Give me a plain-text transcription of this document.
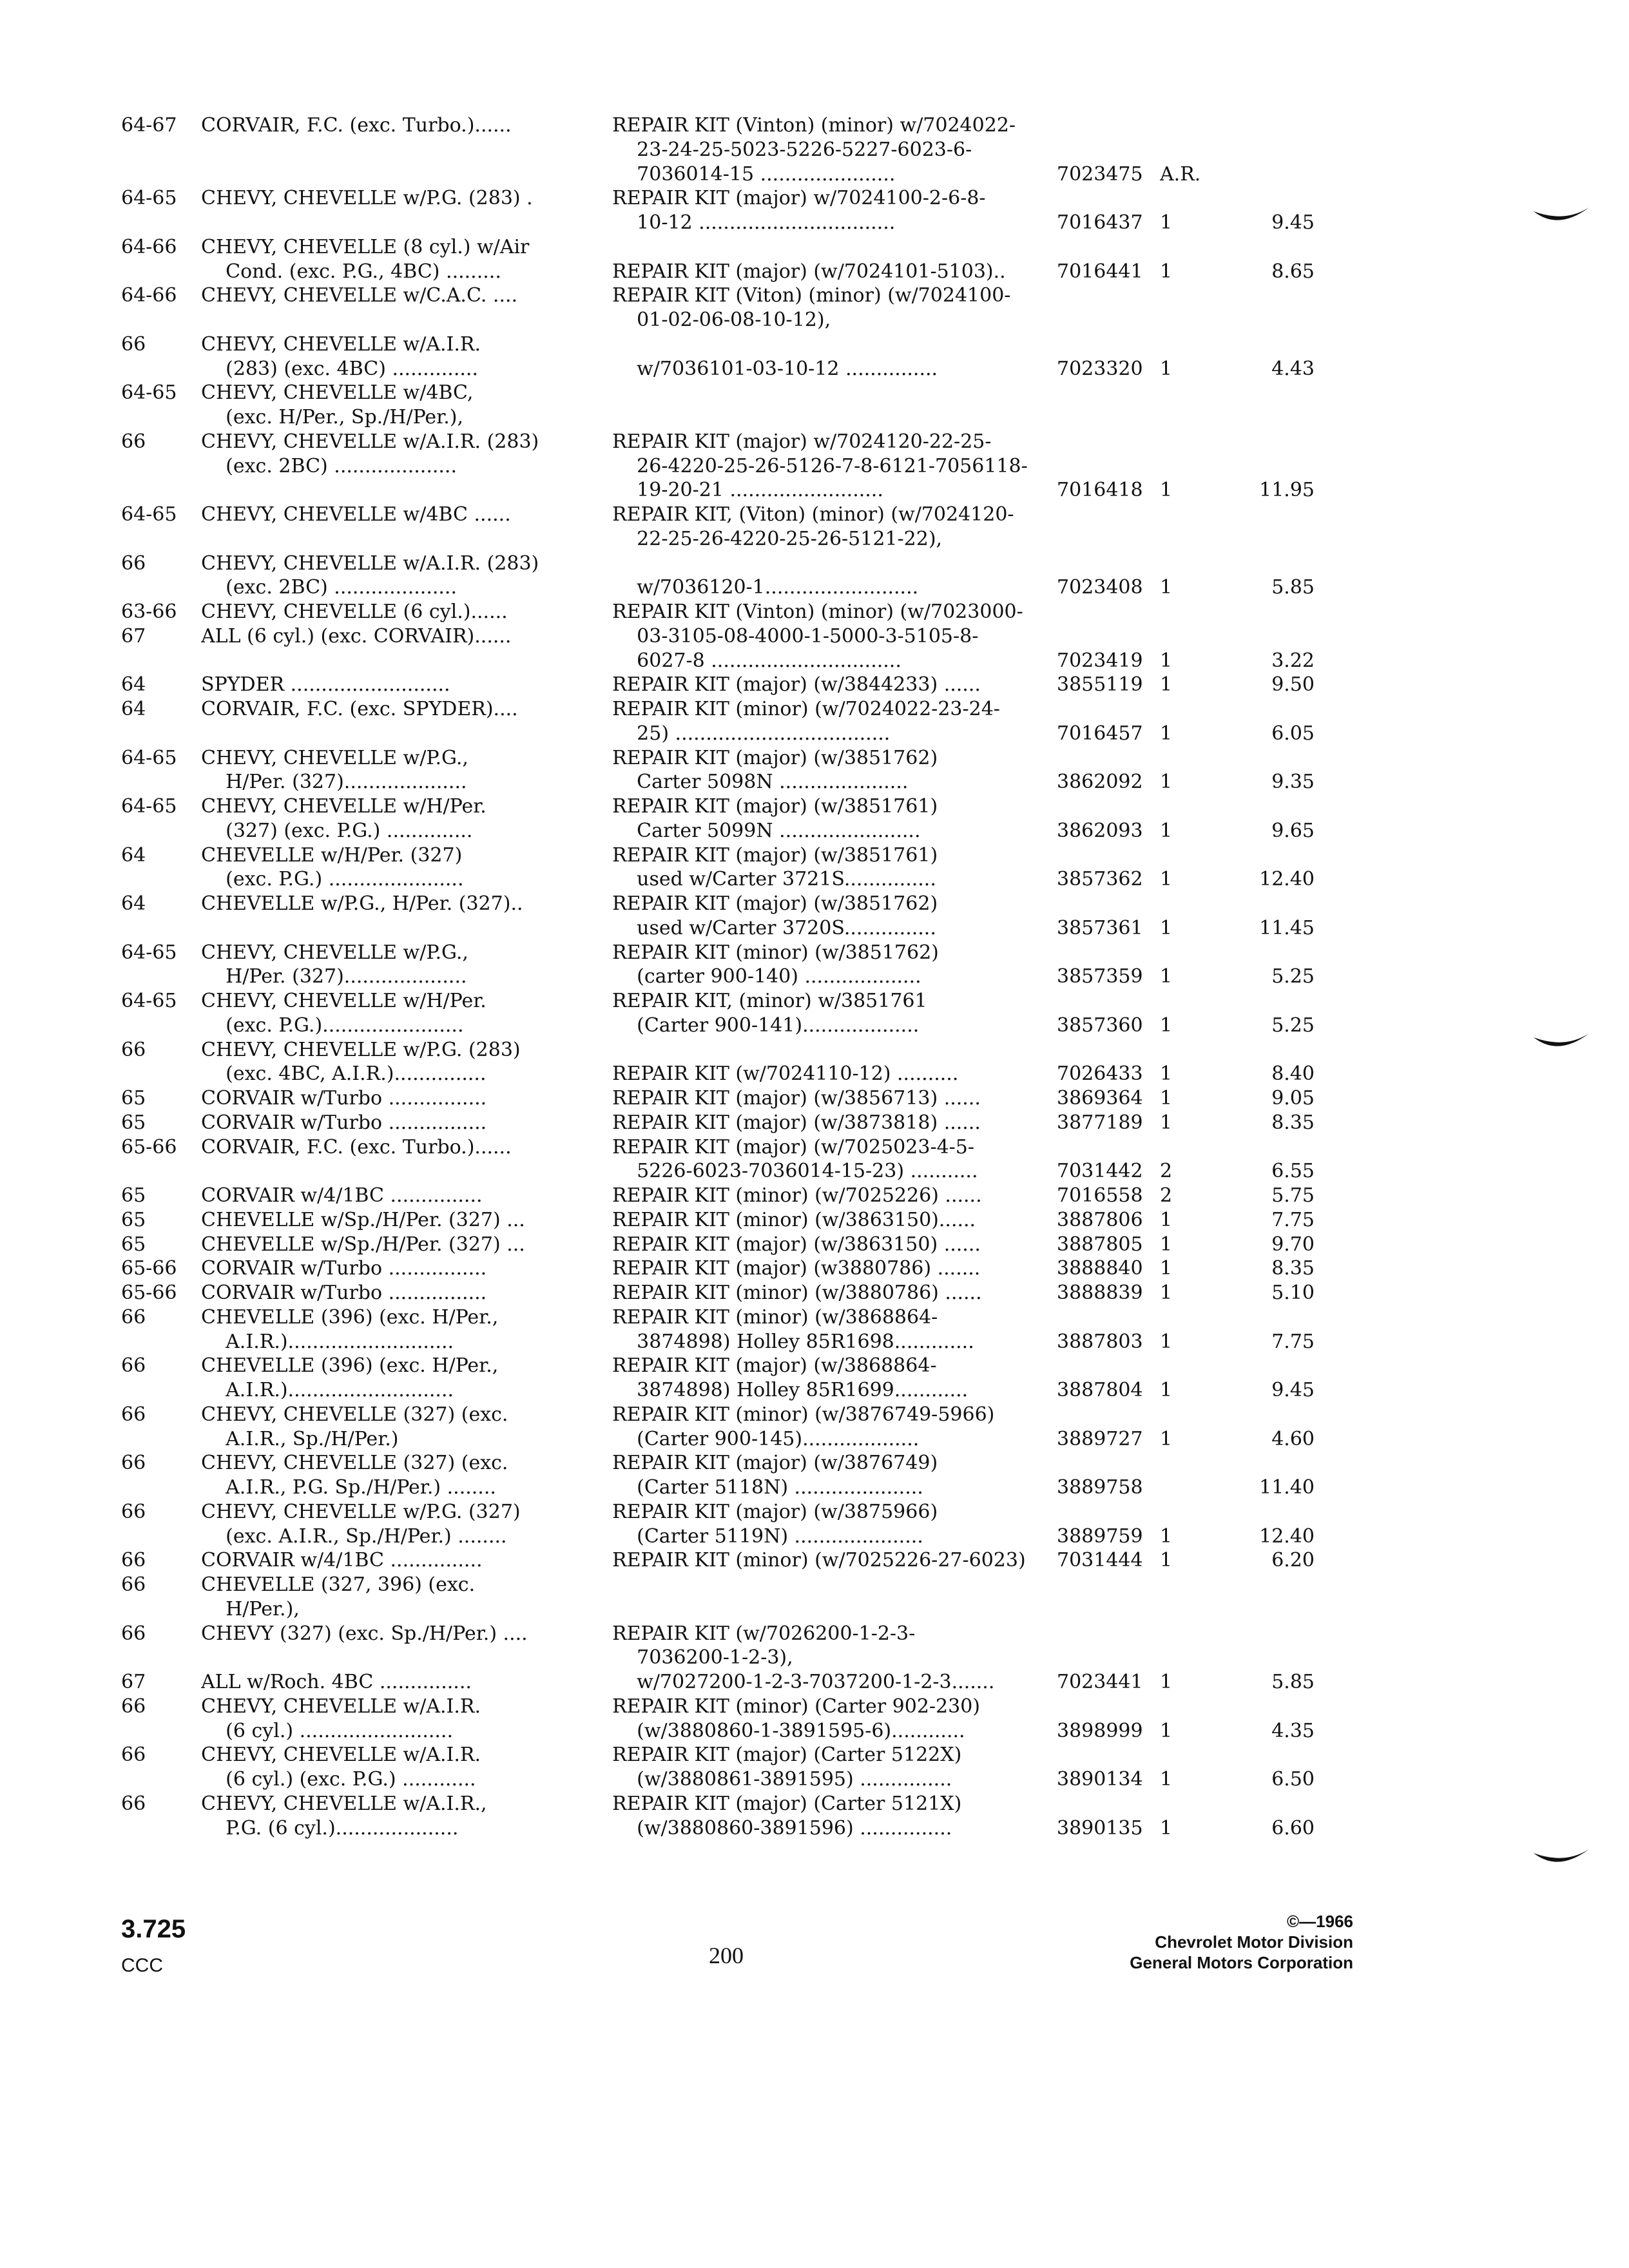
64-67	CORVAIR, F.C. (exc. Turbo.)......	REPAIR KIT (Vinton) (minor) w/7024022-
23-24-25-5023-5226-5227-6023-6-
7036014-15 ......................	7023475 A.R.
64-65	CHEVY, CHEVELLE w/P.G. (283) .	REPAIR KIT (major) w/7024100-2-6-8-
10-12 ................................	7016437 1	9.45
64-66	CHEVY, CHEVELLE (8 cyl.) w/Air
Cond. (exc. P.G., 4BC) .........	REPAIR KIT (major) (w/7024101-5103)..	7016441 1	8.65
64-66	CHEVY, CHEVELLE w/C.A.C. ....	REPAIR KIT (Viton) (minor) (w/7024100-
01-02-06-08-10-12),
66	CHEVY, CHEVELLE w/A.I.R.
(283) (exc. 4BC) ..............	w/7036101-03-10-12 ...............	7023320 1	4.43
64-65	CHEVY, CHEVELLE w/4BC,
(exc. H/Per., Sp./H/Per.),
66	CHEVY, CHEVELLE w/A.I.R. (283)	REPAIR KIT (major) w/7024120-22-25-
(exc. 2BC) ....................	26-4220-25-26-5126-7-8-6121-7056118-
19-20-21 .........................	7016418 1	11.95
64-65	CHEVY, CHEVELLE w/4BC ......	REPAIR KIT, (Viton) (minor) (w/7024120-
22-25-26-4220-25-26-5121-22),
66	CHEVY, CHEVELLE w/A.I.R. (283)
(exc. 2BC) ....................	w/7036120-1.........................	7023408 1	5.85
63-66	CHEVY, CHEVELLE (6 cyl.)......	REPAIR KIT (Vinton) (minor) (w/7023000-
67	ALL (6 cyl.) (exc. CORVAIR)......	03-3105-08-4000-1-5000-3-5105-8-
6027-8 ...............................	7023419 1	3.22
64	SPYDER ..........................	REPAIR KIT (major) (w/3844233) ......	3855119 1	9.50
64	CORVAIR, F.C. (exc. SPYDER)....	REPAIR KIT (minor) (w/7024022-23-24-
25) ...................................	7016457 1	6.05
64-65	CHEVY, CHEVELLE w/P.G.,	REPAIR KIT (major) (w/3851762)
H/Per. (327)....................	Carter 5098N .....................	3862092 1	9.35
64-65	CHEVY, CHEVELLE w/H/Per.	REPAIR KIT (major) (w/3851761)
(327) (exc. P.G.) ..............	Carter 5099N .......................	3862093 1	9.65
64	CHEVELLE w/H/Per. (327)	REPAIR KIT (major) (w/3851761)
(exc. P.G.) ......................	used w/Carter 3721S...............	3857362 1	12.40
64	CHEVELLE w/P.G., H/Per. (327)..	REPAIR KIT (major) (w/3851762)
used w/Carter 3720S...............	3857361 1	11.45
64-65	CHEVY, CHEVELLE w/P.G.,	REPAIR KIT (minor) (w/3851762)
H/Per. (327)....................	(carter 900-140) ...................	3857359 1	5.25
64-65	CHEVY, CHEVELLE w/H/Per.	REPAIR KIT, (minor) w/3851761
(exc. P.G.).......................	(Carter 900-141)...................	3857360 1	5.25
66	CHEVY, CHEVELLE w/P.G. (283)
(exc. 4BC, A.I.R.)...............	REPAIR KIT (w/7024110-12) ..........	7026433 1	8.40
65	CORVAIR w/Turbo ................	REPAIR KIT (major) (w/3856713) ......	3869364 1	9.05
65	CORVAIR w/Turbo ................	REPAIR KIT (major) (w/3873818) ......	3877189 1	8.35
65-66	CORVAIR, F.C. (exc. Turbo.)......	REPAIR KIT (major) (w/7025023-4-5-
5226-6023-7036014-15-23) ...........	7031442 2	6.55
65	CORVAIR w/4/1BC ...............	REPAIR KIT (minor) (w/7025226) ......	7016558 2	5.75
65	CHEVELLE w/Sp./H/Per. (327) ...	REPAIR KIT (minor) (w/3863150)......	3887806 1	7.75
65	CHEVELLE w/Sp./H/Per. (327) ...	REPAIR KIT (major) (w/3863150) ......	3887805 1	9.70
65-66	CORVAIR w/Turbo ................	REPAIR KIT (major) (w3880786) .......	3888840 1	8.35
65-66	CORVAIR w/Turbo ................	REPAIR KIT (minor) (w/3880786) ......	3888839 1	5.10
66	CHEVELLE (396) (exc. H/Per.,	REPAIR KIT (minor) (w/3868864-
A.I.R.)...........................	3874898) Holley 85R1698.............	3887803 1	7.75
66	CHEVELLE (396) (exc. H/Per.,	REPAIR KIT (major) (w/3868864-
A.I.R.)...........................	3874898) Holley 85R1699............	3887804 1	9.45
66	CHEVY, CHEVELLE (327) (exc.	REPAIR KIT (minor) (w/3876749-5966)
A.I.R., Sp./H/Per.)	(Carter 900-145)...................	3889727 1	4.60
66	CHEVY, CHEVELLE (327) (exc.	REPAIR KIT (major) (w/3876749)
A.I.R., P.G. Sp./H/Per.) ........	(Carter 5118N) .....................	3889758	11.40
66	CHEVY, CHEVELLE w/P.G. (327)	REPAIR KIT (major) (w/3875966)
(exc. A.I.R., Sp./H/Per.) ........	(Carter 5119N) .....................	3889759 1	12.40
66	CORVAIR w/4/1BC ...............	REPAIR KIT (minor) (w/7025226-27-6023)	7031444 1	6.20
66	CHEVELLE (327, 396) (exc.
H/Per.),
66	CHEVY (327) (exc. Sp./H/Per.) ....	REPAIR KIT (w/7026200-1-2-3-
7036200-1-2-3),
67	ALL w/Roch. 4BC ...............	w/7027200-1-2-3-7037200-1-2-3.......	7023441 1	5.85
66	CHEVY, CHEVELLE w/A.I.R.	REPAIR KIT (minor) (Carter 902-230)
(6 cyl.) .........................	(w/3880860-1-3891595-6)............	3898999 1	4.35
66	CHEVY, CHEVELLE w/A.I.R.	REPAIR KIT (major) (Carter 5122X)
(6 cyl.) (exc. P.G.) ............	(w/3880861-3891595) ...............	3890134 1	6.50
66	CHEVY, CHEVELLE w/A.I.R.,	REPAIR KIT (major) (Carter 5121X)
P.G. (6 cyl.)....................	(w/3880860-3891596) ...............	3890135 1	6.60
3.725
CCC	200
©—1966
Chevrolet Motor Division
General Motors Corporation
